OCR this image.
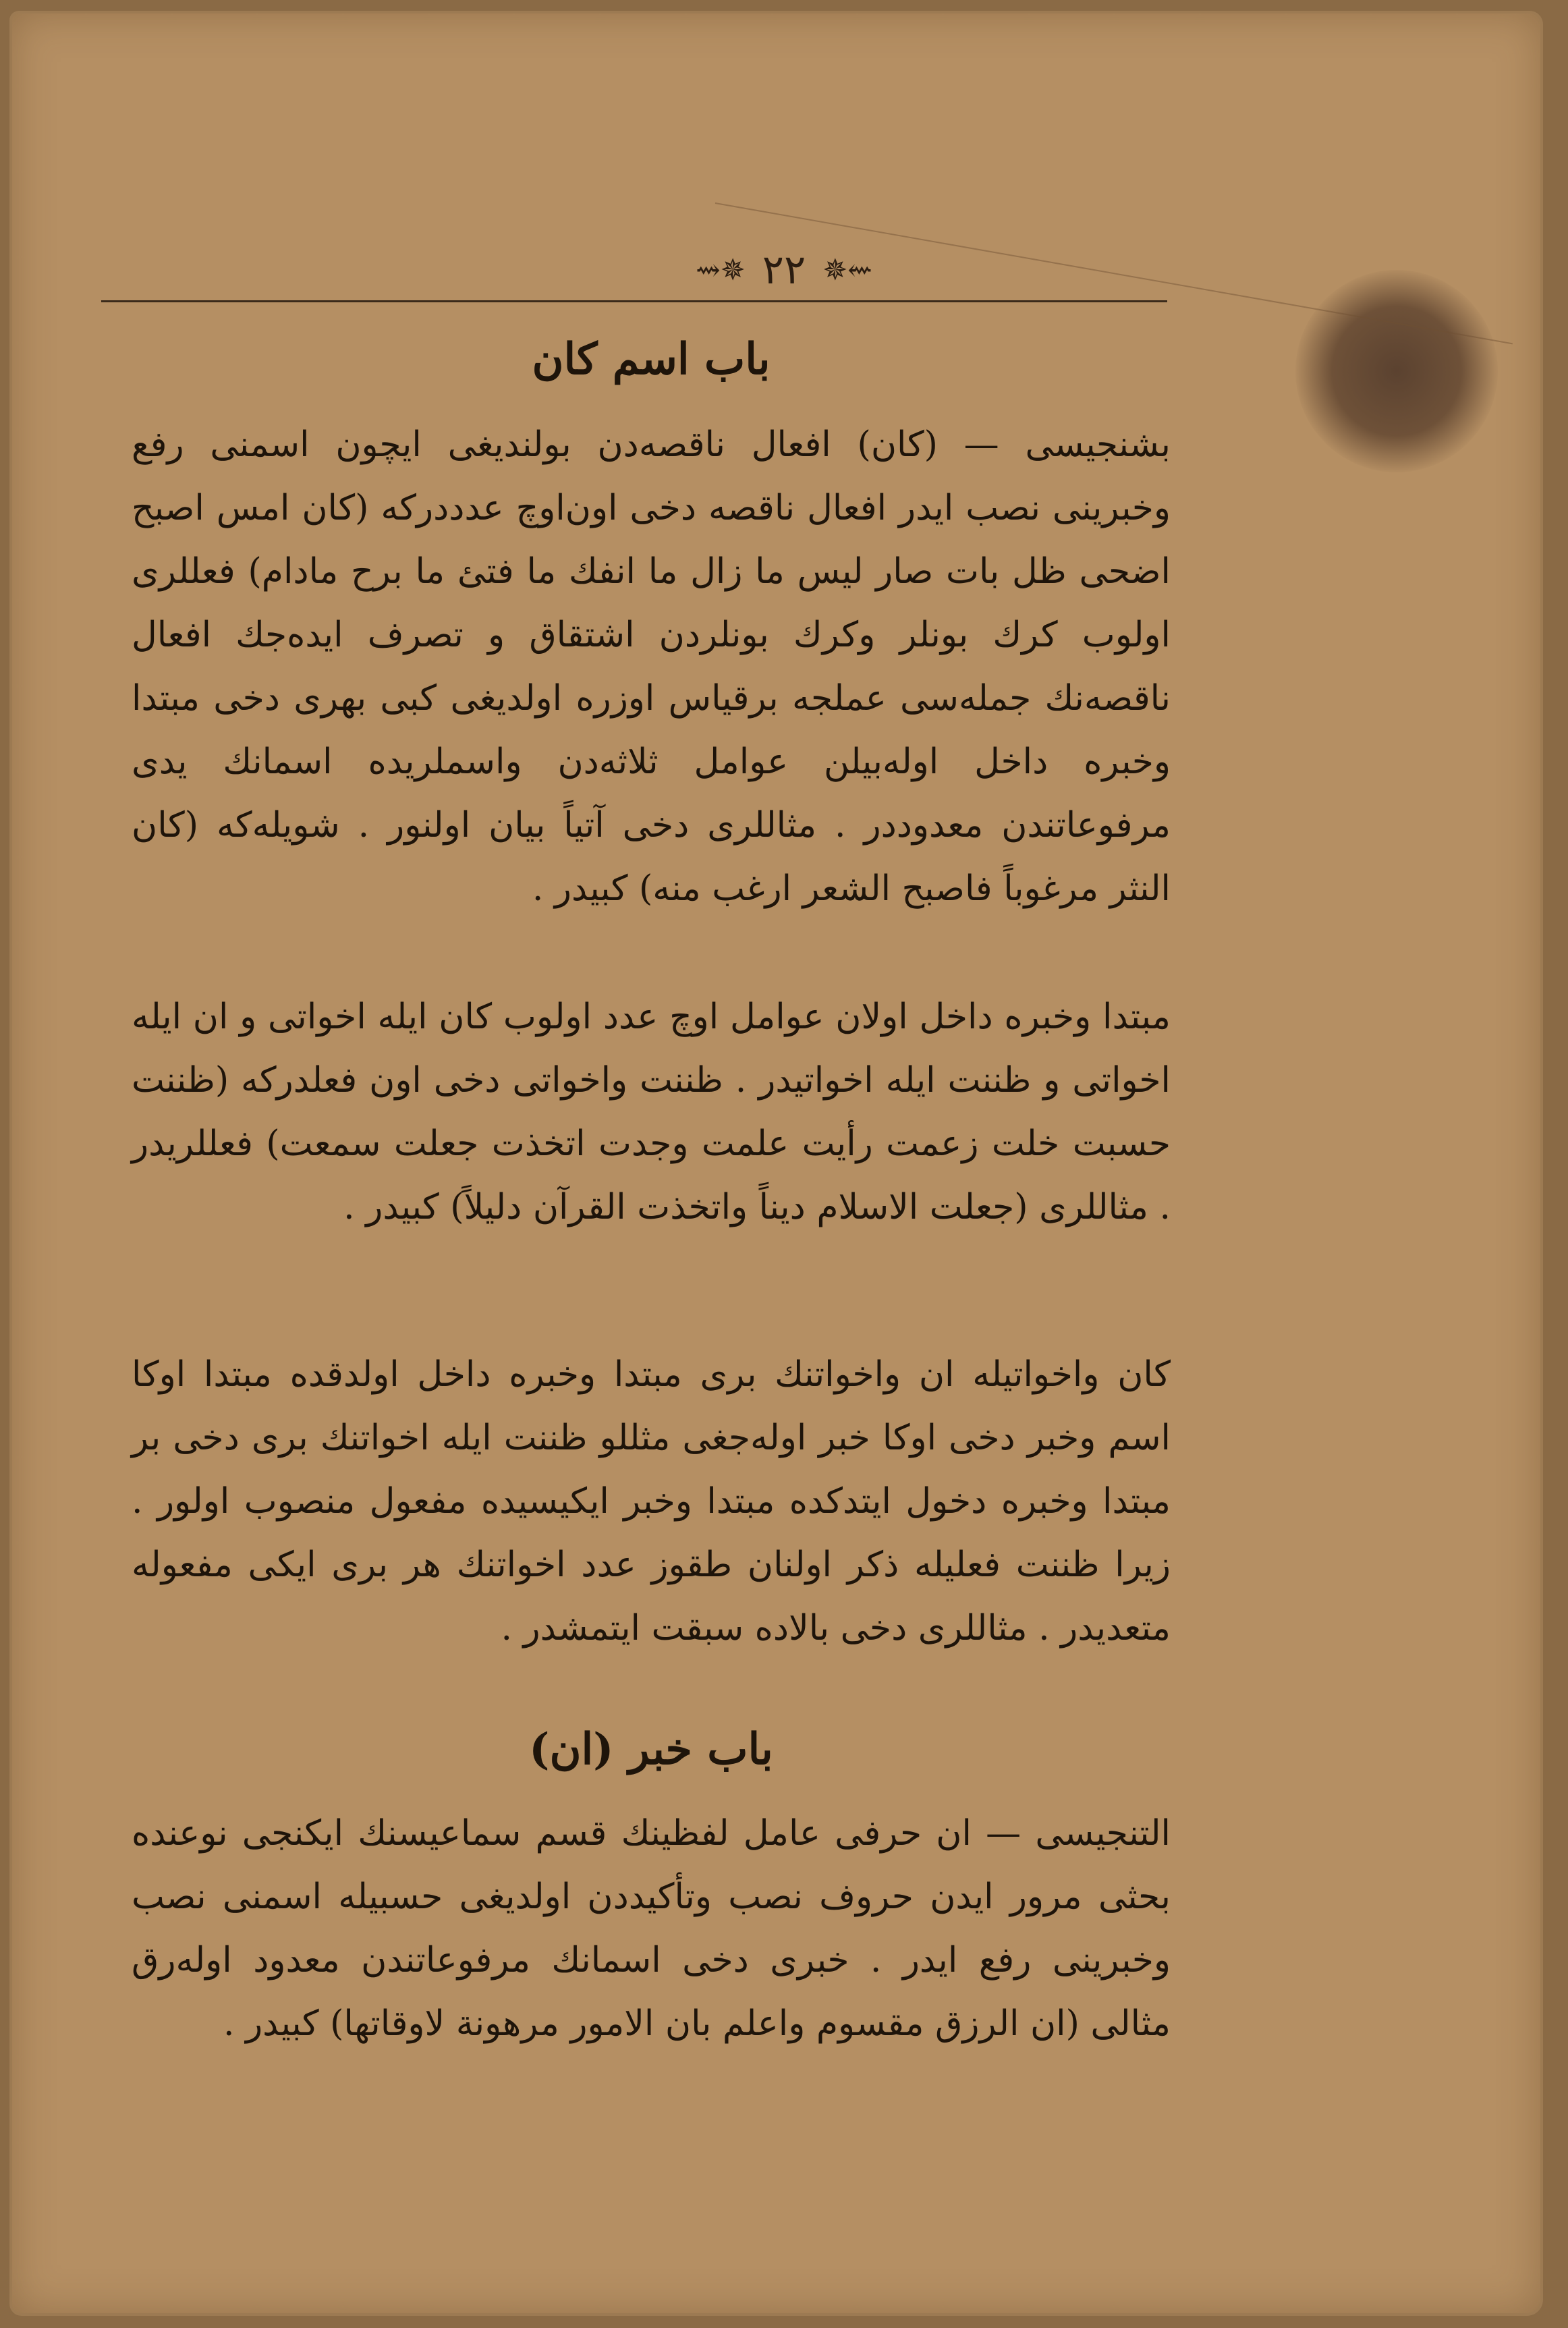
⇝✵ ٢٢ ✵⇜
باب اسم كان
بشنجيسى — (كان) افعال ناقصه‌دن بولنديغى ايچون اسمنى رفع وخبرينى نصب ايدر افعال ناقصه دخى اون‌اوچ عدددركه (كان امس اصبح اضحى ظل بات صار ليس ما زال ما انفك ما فتئ ما برح مادام) فعللرى اولوب كرك بونلر وكرك بونلردن اشتقاق و تصرف ايده‌جك افعال ناقصه‌نك جمله‌سى عملجه برقياس اوزره اولديغى كبى بهرى دخى مبتدا وخبره داخل اوله‌بيلن عوامل ثلاثه‌دن واسملريده اسمانك يدى مرفوعاتندن معدوددر . مثاللرى دخى آتياً بيان اولنور . شويله‌كه (كان النثر مرغوباً فاصبح الشعر ارغب منه) كبيدر .
مبتدا وخبره داخل اولان عوامل اوچ عدد اولوب كان ايله اخواتى و ان ايله اخواتى و ظننت ايله اخواتيدر . ظننت واخواتى دخى اون فعلدركه (ظننت حسبت خلت زعمت رأيت علمت وجدت اتخذت جعلت سمعت) فعللريدر . مثاللرى (جعلت الاسلام ديناً واتخذت القرآن دليلاً) كبيدر .
كان واخواتيله ان واخواتنك برى مبتدا وخبره داخل اولدقده مبتدا اوكا اسم وخبر دخى اوكا خبر اوله‌جغى مثللو ظننت ايله اخواتنك برى دخى بر مبتدا وخبره دخول ايتدكده مبتدا وخبر ايكيسيده مفعول منصوب اولور . زيرا ظننت فعليله ذكر اولنان طقوز عدد اخواتنك هر برى ايكى مفعوله متعديدر . مثاللرى دخى بالاده سبقت ايتمشدر .
باب خبر (ان)
التنجيسى — ان حرفى عامل لفظينك قسم سماعيسنك ايكنجى نوعنده بحثى مرور ايدن حروف نصب وتأكيددن اولديغى حسبيله اسمنى نصب وخبرينى رفع ايدر . خبرى دخى اسمانك مرفوعاتندن معدود اوله‌رق مثالى (ان الرزق مقسوم واعلم بان الامور مرهونة لاوقاتها) كبيدر .
